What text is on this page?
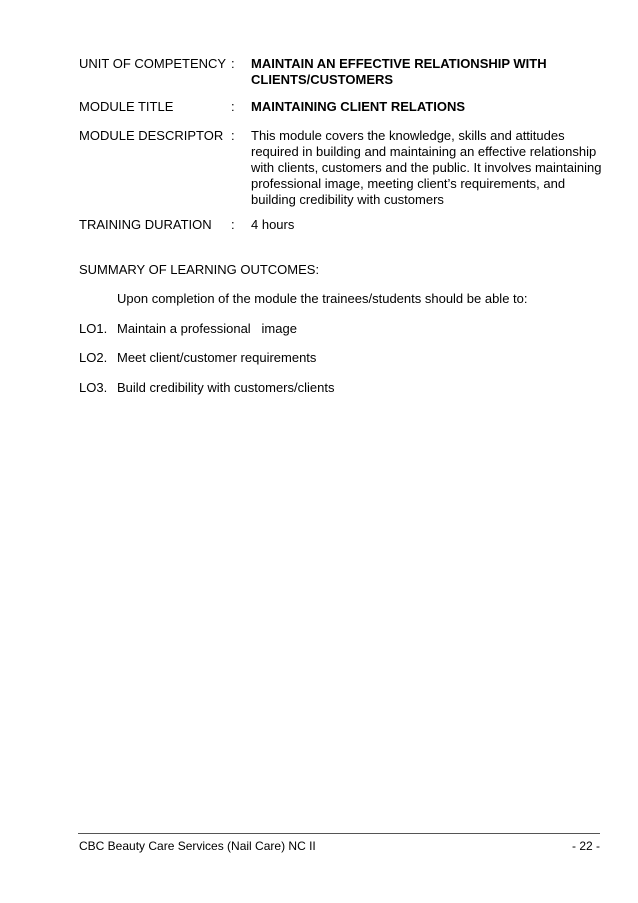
UNIT OF COMPETENCY : MAINTAIN AN EFFECTIVE RELATIONSHIP WITH CLIENTS/CUSTOMERS
MODULE TITLE	: MAINTAINING CLIENT RELATIONS
MODULE DESCRIPTOR : This module covers the knowledge, skills and attitudes required in building and maintaining an effective relationship with clients, customers and the public. It involves maintaining professional image, meeting client’s requirements, and building credibility with customers
TRAINING DURATION : 4 hours
SUMMARY OF LEARNING OUTCOMES:
Upon completion of the module the trainees/students should be able to:
LO1. Maintain a professional   image
LO2. Meet client/customer requirements
LO3. Build credibility with customers/clients
CBC Beauty Care Services (Nail Care) NC II	- 22 -
